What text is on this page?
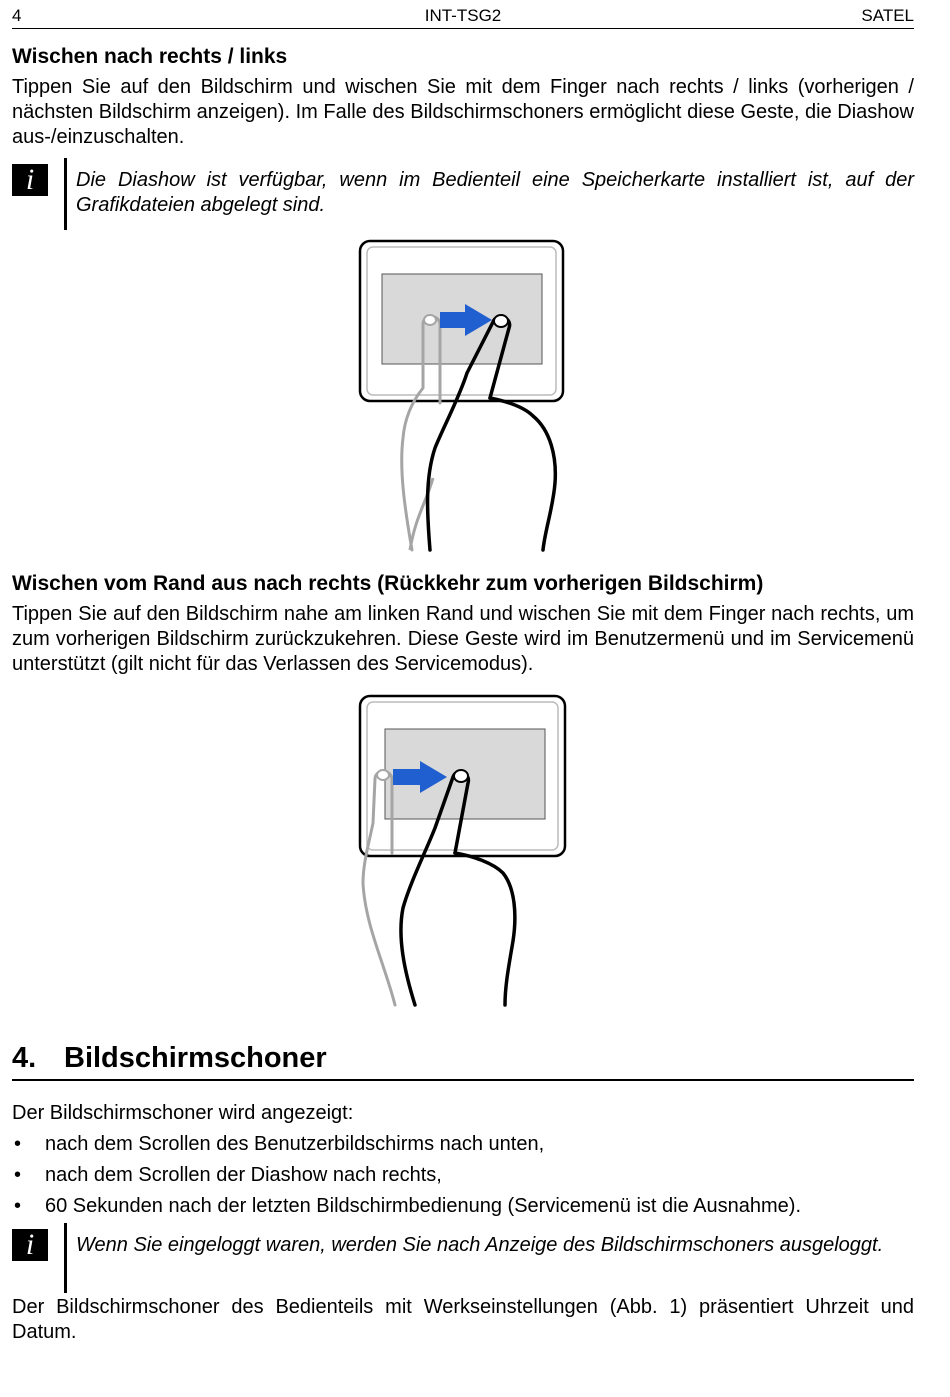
4	INT-TSG2	SATEL
Wischen nach rechts / links

Tippen Sie auf den Bildschirm und wischen Sie mit dem Finger nach rechts / links (vorherigen / nächsten Bildschirm anzeigen). Im Falle des Bildschirmschoners ermöglicht diese Geste, die Diashow aus-/einzuschalten.

i	Die Diashow ist verfügbar, wenn im Bedienteil eine Speicherkarte installiert ist, auf der Grafikdateien abgelegt sind.
Wischen vom Rand aus nach rechts (Rückkehr zum vorherigen Bildschirm)

Tippen Sie auf den Bildschirm nahe am linken Rand und wischen Sie mit dem Finger nach rechts, um zum vorherigen Bildschirm zurückzukehren. Diese Geste wird im Benutzermenü und im Servicemenü unterstützt (gilt nicht für das Verlassen des Servicemodus).

4. Bildschirmschoner

Der Bildschirmschoner wird angezeigt:

• nach dem Scrollen des Benutzerbildschirms nach unten,
• nach dem Scrollen der Diashow nach rechts,
• 60 Sekunden nach der letzten Bildschirmbedienung (Servicemenü ist die Ausnahme).
i	Wenn Sie eingeloggt waren, werden Sie nach Anzeige des Bildschirmschoners ausgeloggt.

Der Bildschirmschoner des Bedienteils mit Werkseinstellungen (Abb. 1) präsentiert Uhrzeit und Datum.
